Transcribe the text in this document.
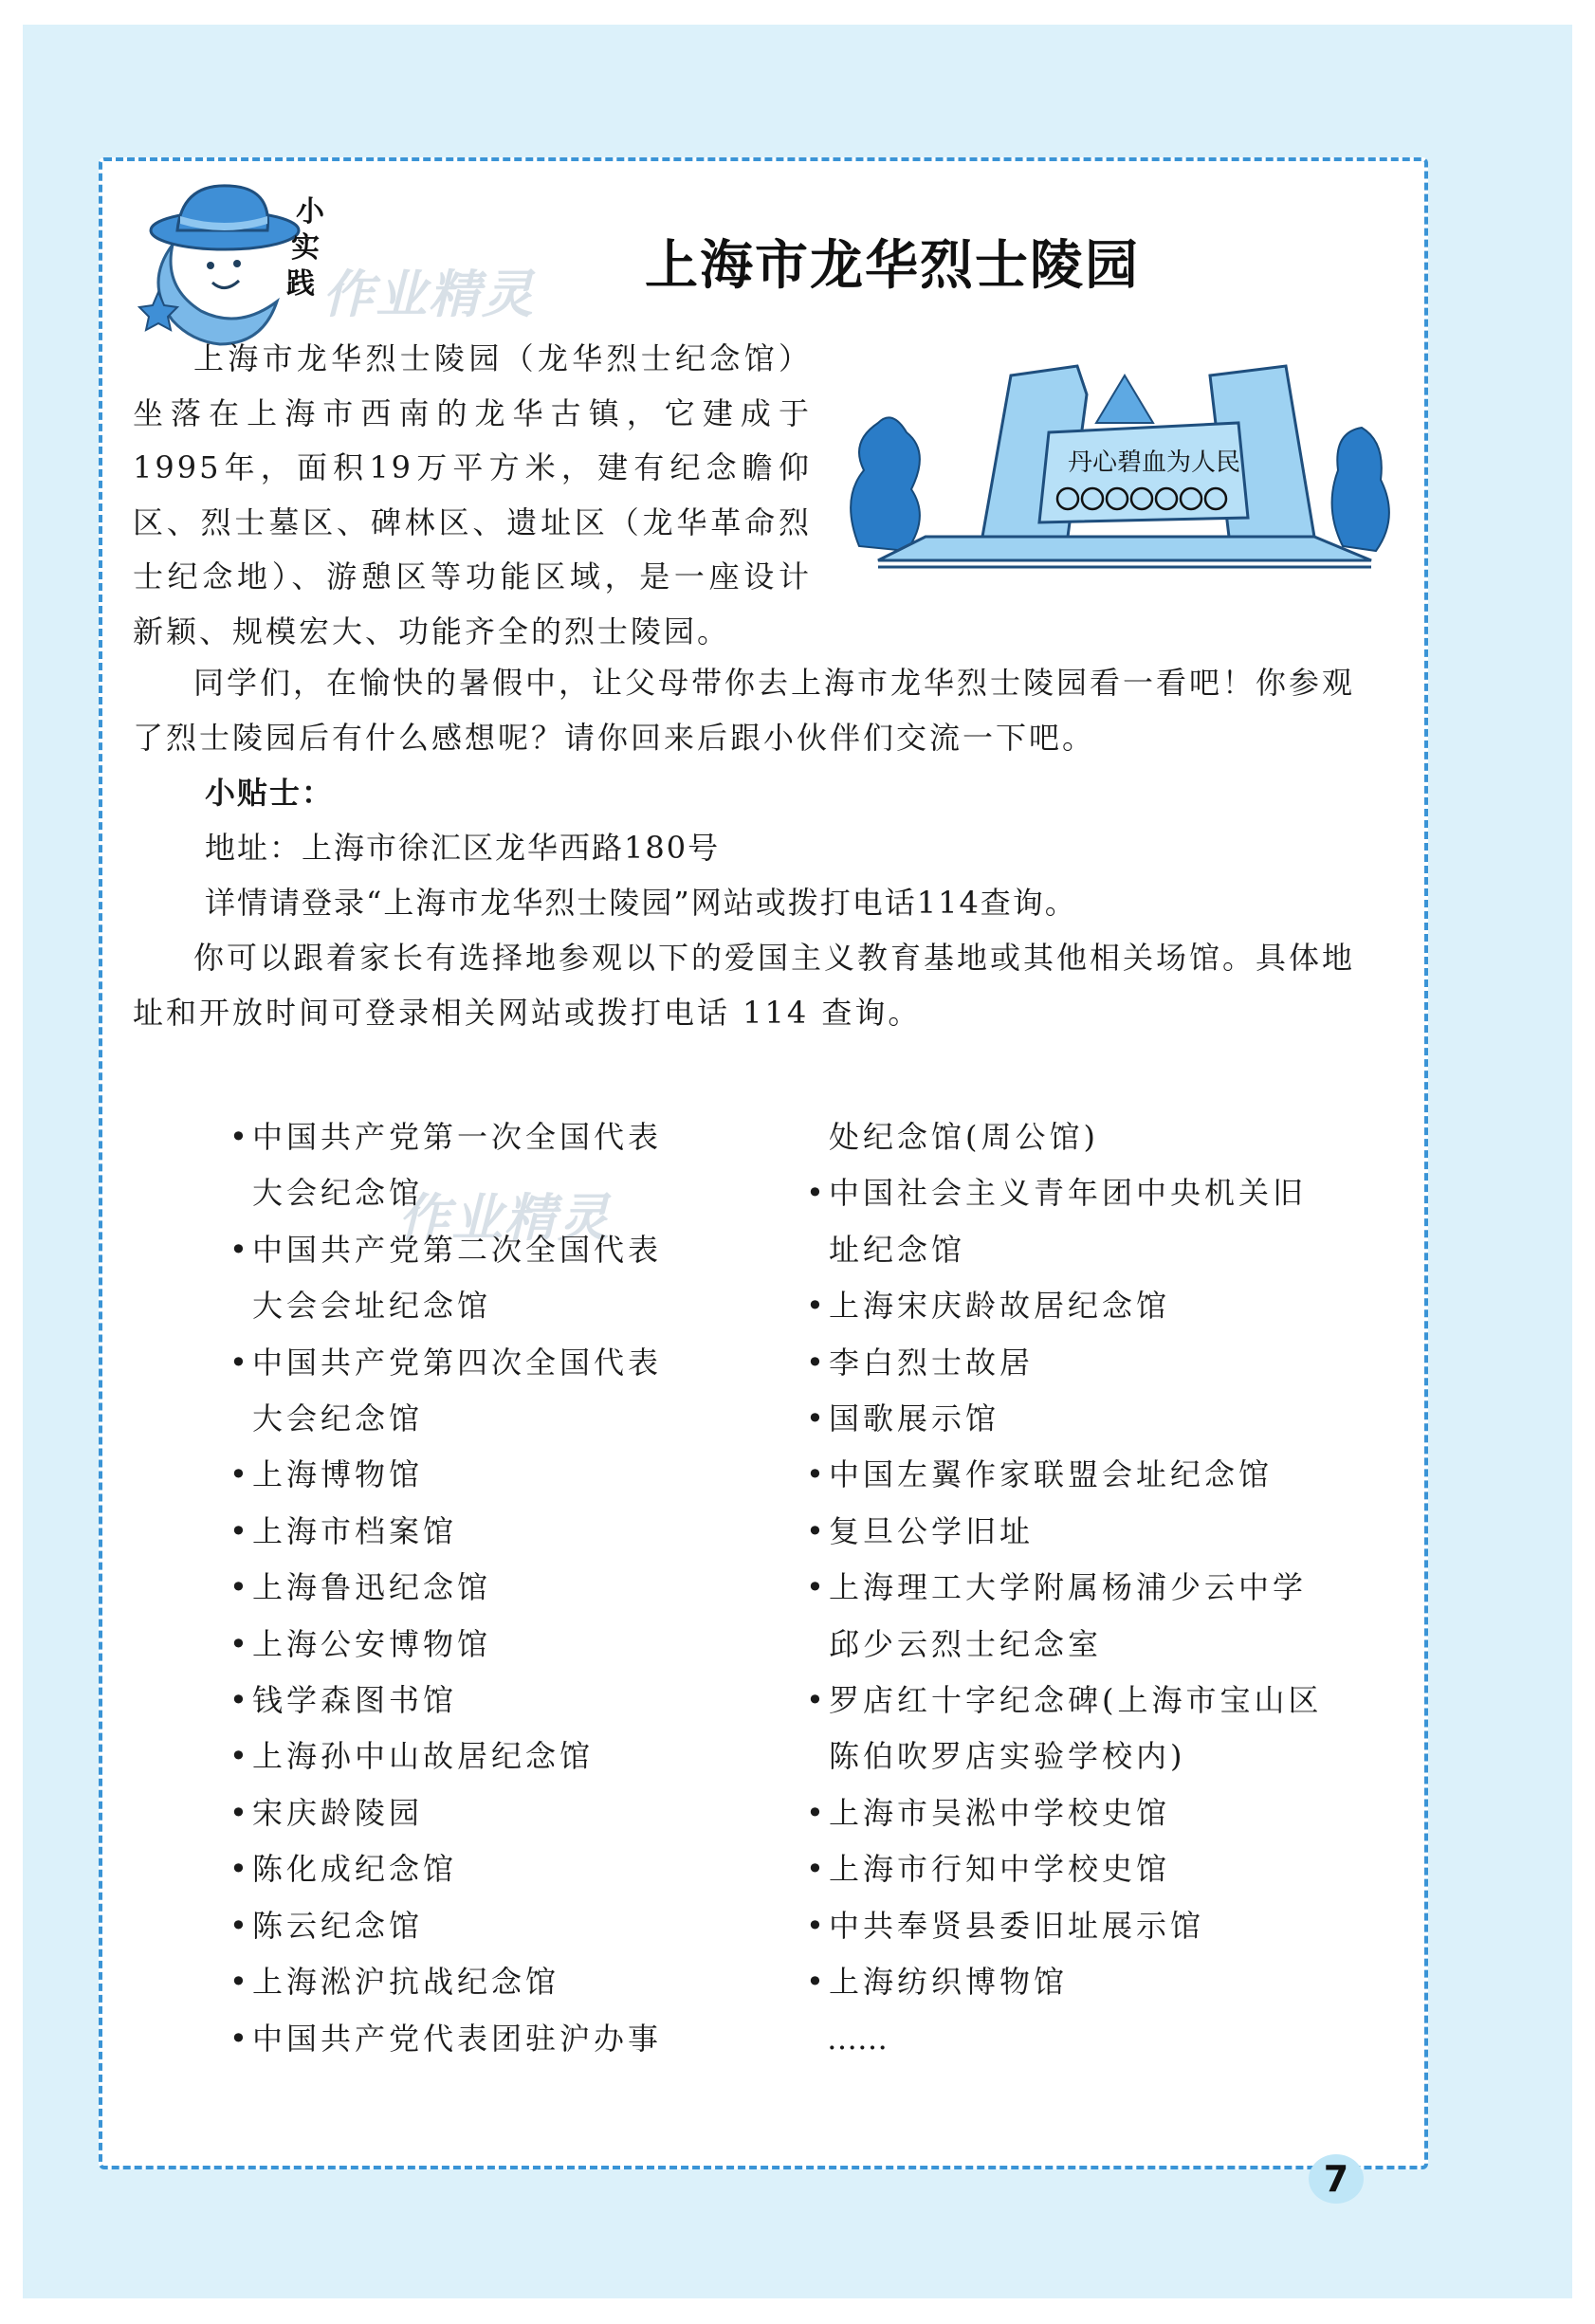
小
实
践 作业精灵
作业精灵
上海市龙华烈士陵园
上海市龙华烈士陵园（龙华烈士纪念馆）坐落在上海市西南的龙华古镇，它建成于1995年，面积19万平方米，建有纪念瞻仰区、烈士墓区、碑林区、遗址区（龙华革命烈士纪念地）、游憩区等功能区域，是一座设计新颖、规模宏大、功能齐全的烈士陵园。
丹心碧血为人民
同学们，在愉快的暑假中，让父母带你去上海市龙华烈士陵园看一看吧！你参观了烈士陵园后有什么感想呢？请你回来后跟小伙伴们交流一下吧。
小贴士：
地址：上海市徐汇区龙华西路180号
详情请登录“上海市龙华烈士陵园”网站或拨打电话114查询。
你可以跟着家长有选择地参观以下的爱国主义教育基地或其他相关场馆。具体地址和开放时间可登录相关网站或拨打电话 114 查询。
• 中国共产党第一次全国代表
大会纪念馆
• 中国共产党第二次全国代表
大会会址纪念馆
• 中国共产党第四次全国代表
大会纪念馆
• 上海博物馆
• 上海市档案馆
• 上海鲁迅纪念馆
• 上海公安博物馆
• 钱学森图书馆
• 上海孙中山故居纪念馆
• 宋庆龄陵园
• 陈化成纪念馆
• 陈云纪念馆
• 上海淞沪抗战纪念馆
• 中国共产党代表团驻沪办事
处纪念馆(周公馆)
• 中国社会主义青年团中央机关旧
址纪念馆
• 上海宋庆龄故居纪念馆
• 李白烈士故居
• 国歌展示馆
• 中国左翼作家联盟会址纪念馆
• 复旦公学旧址
• 上海理工大学附属杨浦少云中学
邱少云烈士纪念室
• 罗店红十字纪念碑(上海市宝山区
陈伯吹罗店实验学校内)
• 上海市吴淞中学校史馆
• 上海市行知中学校史馆
• 中共奉贤县委旧址展示馆
• 上海纺织博物馆
……
7
